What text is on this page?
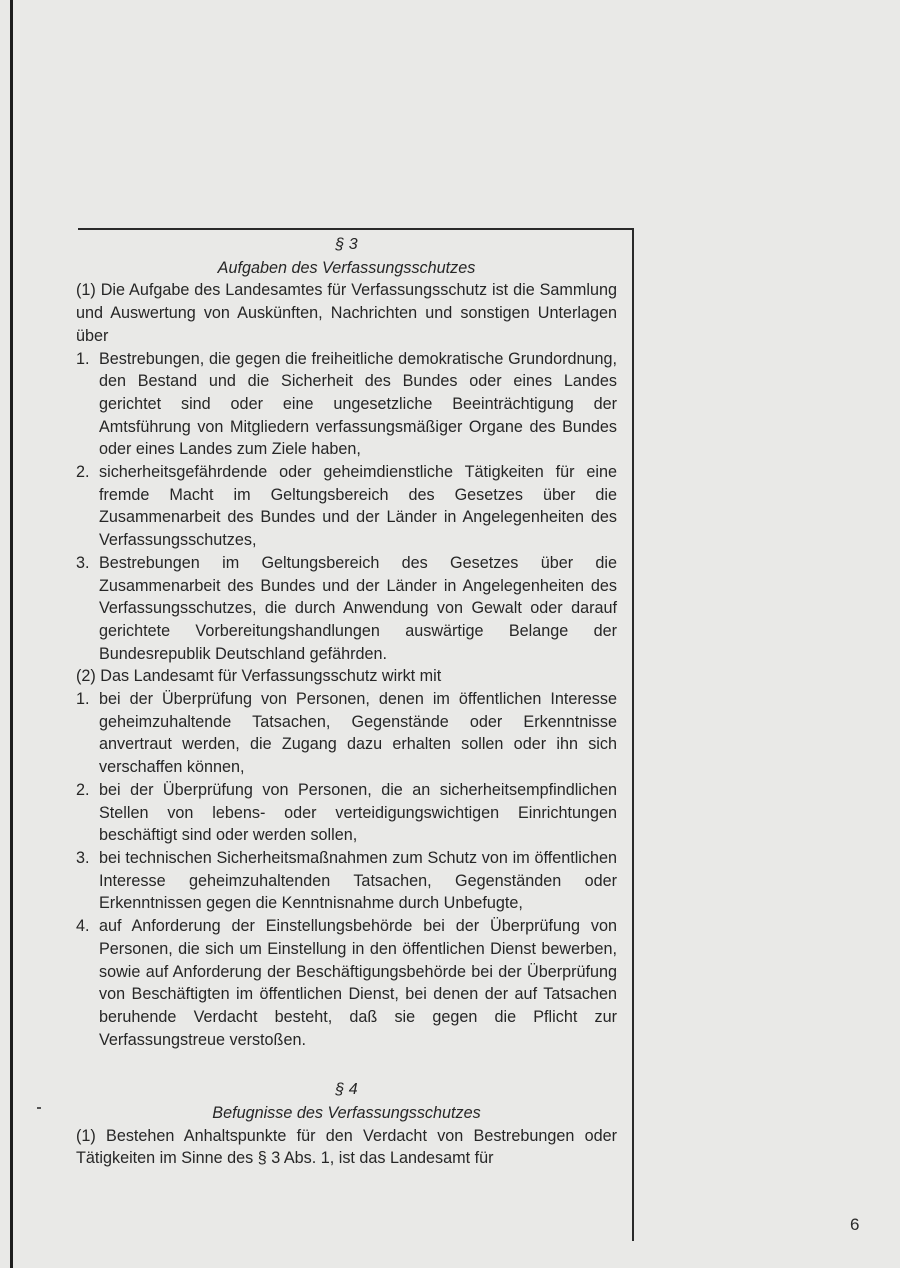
§ 3

Aufgaben des Verfassungsschutzes

(1) Die Aufgabe des Landesamtes für Verfassungsschutz ist die Sammlung und Auswertung von Auskünften, Nachrichten und sonstigen Unterlagen über

1. Bestrebungen, die gegen die freiheitliche demokratische Grundordnung, den Bestand und die Sicherheit des Bundes oder eines Landes gerichtet sind oder eine ungesetzliche Beeinträchtigung der Amtsführung von Mitgliedern verfassungsmäßiger Organe des Bundes oder eines Landes zum Ziele haben,
2. sicherheitsgefährdende oder geheimdienstliche Tätigkeiten für eine fremde Macht im Geltungsbereich des Gesetzes über die Zusammenarbeit des Bundes und der Länder in Angelegenheiten des Verfassungsschutzes,
3. Bestrebungen im Geltungsbereich des Gesetzes über die Zusammenarbeit des Bundes und der Länder in Angelegenheiten des Verfassungsschutzes, die durch Anwendung von Gewalt oder darauf gerichtete Vorbereitungshandlungen auswärtige Belange der Bundesrepublik Deutschland gefährden.

(2) Das Landesamt für Verfassungsschutz wirkt mit

1. bei der Überprüfung von Personen, denen im öffentlichen Interesse geheimzuhaltende Tatsachen, Gegenstände oder Erkenntnisse anvertraut werden, die Zugang dazu erhalten sollen oder ihn sich verschaffen können,
2. bei der Überprüfung von Personen, die an sicherheitsempfindlichen Stellen von lebens- oder verteidigungswichtigen Einrichtungen beschäftigt sind oder werden sollen,
3. bei technischen Sicherheitsmaßnahmen zum Schutz von im öffentlichen Interesse geheimzuhaltenden Tatsachen, Gegenständen oder Erkenntnissen gegen die Kenntnisnahme durch Unbefugte,
4. auf Anforderung der Einstellungsbehörde bei der Überprüfung von Personen, die sich um Einstellung in den öffentlichen Dienst bewerben, sowie auf Anforderung der Beschäftigungsbehörde bei der Überprüfung von Beschäftigten im öffentlichen Dienst, bei denen der auf Tatsachen beruhende Verdacht besteht, daß sie gegen die Pflicht zur Verfassungstreue verstoßen.

§ 4

Befugnisse des Verfassungsschutzes

(1) Bestehen Anhaltspunkte für den Verdacht von Bestrebungen oder Tätigkeiten im Sinne des § 3 Abs. 1, ist das Landesamt für

6
